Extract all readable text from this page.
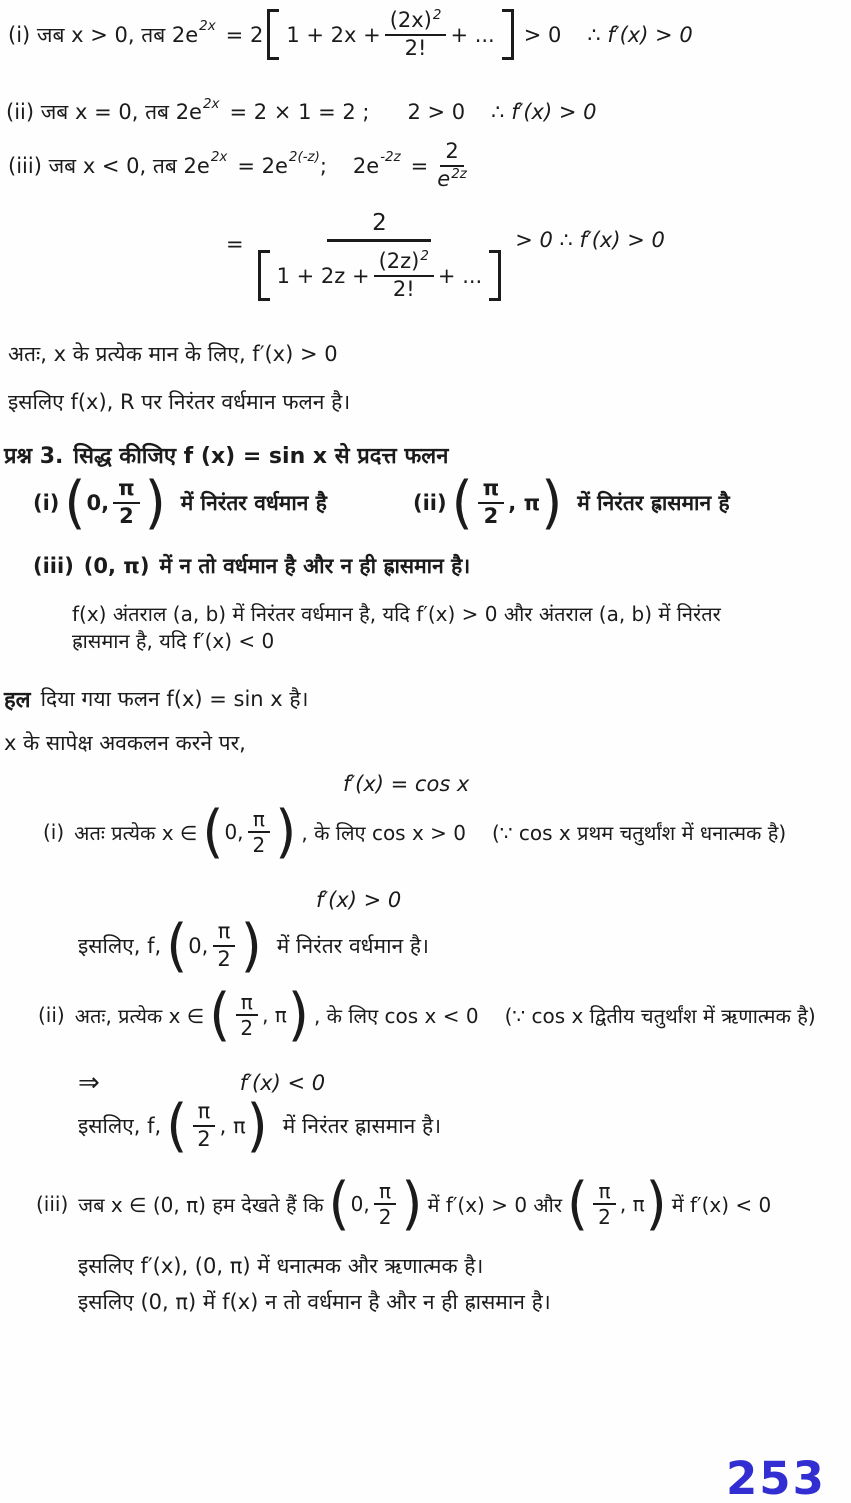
(i) जब x > 0, तब 2e 2x = 2 $1 + 2x + \frac{(2x)^2}{2!}$ + ... > 0 ∴ f′(x) > 0
(ii) जब x = 0, तब 2e 2x = 2 × 1 = 2 ; 2 > 0 ∴ f′(x) > 0
(iii) जब x < 0, तब 2e 2x = 2e 2(-z) ; 2e $-2z = \frac{2}{e^{2z}}$
=
2
$1 + 2z + \frac{(2z)^2}{2!}$ + ...
> 0 ∴ f′(x) > 0
अतः, x के प्रत्येक मान के लिए, f′(x) > 0
इसलिए f(x), R पर निरंतर वर्धमान फलन है।
प्रश्न 3. सिद्ध कीजिए f (x) = sin x से प्रदत्त फलन
(i) ( 0, $\frac{\pi}{2}$ ) में निरंतर वर्धमान है	(ii) ( $\frac{\pi}{2}$ , π ) में निरंतर ह्रासमान है
(iii) (0, π) में न तो वर्धमान है और न ही ह्रासमान है।
f(x) अंतराल (a, b) में निरंतर वर्धमान है, यदि f′(x) > 0 और अंतराल (a, b) में निरंतर
ह्रासमान है, यदि f′(x) < 0
हल दिया गया फलन f(x) = sin x है।
x के सापेक्ष अवकलन करने पर,
f′(x) = cos x
(i) अतः प्रत्येक x ∈ ( 0, $\frac{\pi}{2}$ ) , के लिए cos x > 0 (∵ cos x प्रथम चतुर्थांश में धनात्मक है)
f′(x) > 0
इसलिए, f, ( 0, $\frac{\pi}{2}$ ) में निरंतर वर्धमान है।
(ii) अतः, प्रत्येक x ∈ ( $\frac{\pi}{2}$ , π ) , के लिए cos x < 0 (∵ cos x द्वितीय चतुर्थांश में ऋणात्मक है)
⇒	f′(x) < 0
इसलिए, f, ( $\frac{\pi}{2}$ , π ) में निरंतर ह्रासमान है।
(iii) जब x ∈ (0, π) हम देखते हैं कि ( 0, $\frac{\pi}{2}$ ) में f′(x) > 0 और ( $\frac{\pi}{2}$ , π ) में f′(x) < 0
इसलिए f′(x), (0, π) में धनात्मक और ऋणात्मक है।
इसलिए (0, π) में f(x) न तो वर्धमान है और न ही ह्रासमान है।
253
